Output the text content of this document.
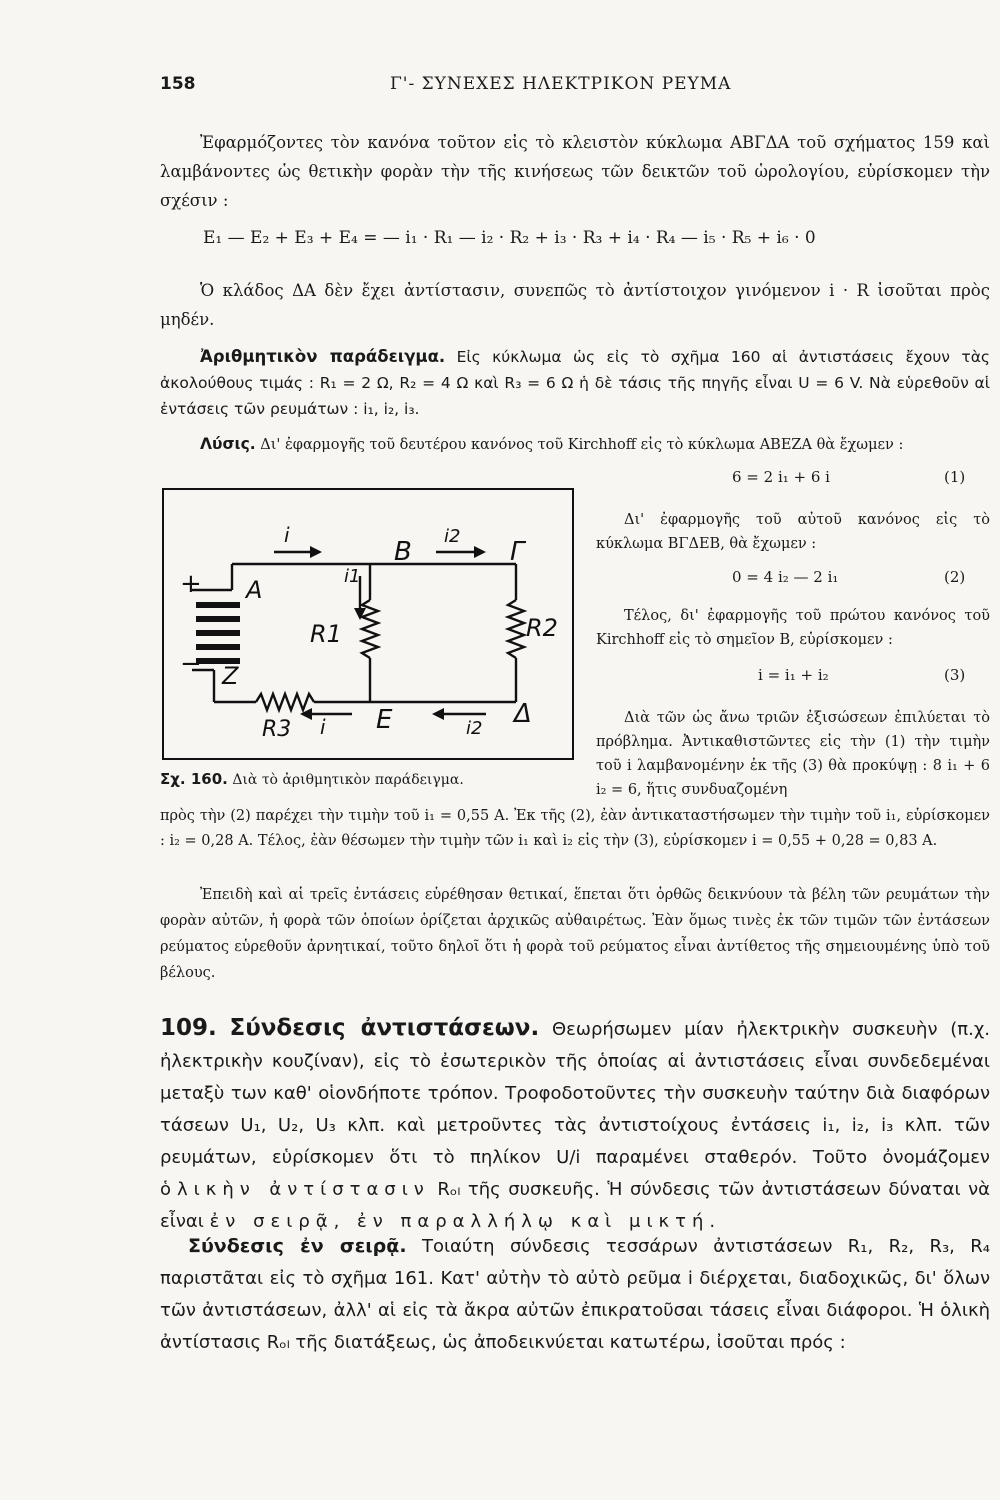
158	Γ'- ΣΥΝΕΧΕΣ ΗΛΕΚΤΡΙΚΟΝ ΡΕΥΜΑ
Ἐφαρμόζοντες τὸν κανόνα τοῦτον εἰς τὸ κλειστὸν κύκλωμα ΑΒΓΔΑ τοῦ σχήματος 159 καὶ λαμβάνοντες ὡς θετικὴν φορὰν τὴν τῆς κινήσεως τῶν δεικτῶν τοῦ ὡρολογίου, εὑρίσκομεν τὴν σχέσιν :
E₁ — E₂ + E₃ + E₄ = — i₁ · R₁ — i₂ · R₂ + i₃ · R₃ + i₄ · R₄ — i₅ · R₅ + i₆ · 0
Ὁ κλάδος ΔΑ δὲν ἔχει ἀντίστασιν, συνεπῶς τὸ ἀντίστοιχον γινόμενον i · R ἰσοῦται πρὸς μηδέν.
Ἀριθμητικὸν παράδειγμα. Εἰς κύκλωμα ὡς εἰς τὸ σχῆμα 160 αἱ ἀντιστάσεις ἔχουν τὰς ἀκολούθους τιμάς : R₁ = 2 Ω, R₂ = 4 Ω καὶ R₃ = 6 Ω ἡ δὲ τάσις τῆς πηγῆς εἶναι U = 6 V. Νὰ εὑρεθοῦν αἱ ἐντάσεις τῶν ρευμάτων : i₁, i₂, i₃.
Λύσις. Δι' ἐφαρμογῆς τοῦ δευτέρου κανόνος τοῦ Kirchhoff εἰς τὸ κύκλωμα ΑΒΕΖΑ θὰ ἔχωμεν :
i
B
i2
Γ
i1
A
+
R1	R2
− Z
R3 i E	i2 Δ
Σχ. 160. Διὰ τὸ ἀριθμητικὸν παράδειγμα.
6 = 2 i₁ + 6 i	(1)
Δι' ἐφαρμογῆς τοῦ αὐτοῦ κανόνος εἰς τὸ κύκλωμα ΒΓΔΕΒ, θὰ ἔχωμεν :
0 = 4 i₂ — 2 i₁	(2)
Τέλος, δι' ἐφαρμογῆς τοῦ πρώτου κανόνος τοῦ Kirchhoff εἰς τὸ σημεῖον Β, εὑρίσκομεν :
i = i₁ + i₂	(3)
Διὰ τῶν ὡς ἄνω τριῶν ἐξισώσεων ἐπιλύεται τὸ πρόβλημα. Ἀντικαθιστῶντες εἰς τὴν (1) τὴν τιμὴν τοῦ i λαμβανομένην ἐκ τῆς (3) θὰ προκύψῃ : 8 i₁ + 6 i₂ = 6, ἥτις συνδυαζομένη
πρὸς τὴν (2) παρέχει τὴν τιμὴν τοῦ i₁ = 0,55 A. Ἐκ τῆς (2), ἐὰν ἀντικαταστήσωμεν τὴν τιμὴν τοῦ i₁, εὑρίσκομεν : i₂ = 0,28 A. Τέλος, ἐὰν θέσωμεν τὴν τιμὴν τῶν i₁ καὶ i₂ εἰς τὴν (3), εὑρίσκομεν i = 0,55 + 0,28 = 0,83 A.
Ἐπειδὴ καὶ αἱ τρεῖς ἐντάσεις εὑρέθησαν θετικαί, ἕπεται ὅτι ὀρθῶς δεικνύουν τὰ βέλη τῶν ρευμάτων τὴν φορὰν αὐτῶν, ἡ φορὰ τῶν ὁποίων ὁρίζεται ἀρχικῶς αὐθαιρέτως. Ἐὰν ὅμως τινὲς ἐκ τῶν τιμῶν τῶν ἐντάσεων ρεύματος εὑρεθοῦν ἀρνητικαί, τοῦτο δηλοῖ ὅτι ἡ φορὰ τοῦ ρεύματος εἶναι ἀντίθετος τῆς σημειουμένης ὑπὸ τοῦ βέλους.
109. Σύνδεσις ἀντιστάσεων. Θεωρήσωμεν μίαν ἠλεκτρικὴν συσκευὴν (π.χ. ἠλεκτρικὴν κουζίναν), εἰς τὸ ἐσωτερικὸν τῆς ὁποίας αἱ ἀντιστάσεις εἶναι συνδεδεμέναι μεταξὺ των καθ' οἱονδήποτε τρόπον. Τροφοδοτοῦντες τὴν συσκευὴν ταύτην διὰ διαφόρων τάσεων U₁, U₂, U₃ κλπ. καὶ μετροῦντες τὰς ἀντιστοίχους ἐντάσεις i₁, i₂, i₃ κλπ. τῶν ρευμάτων, εὑρίσκομεν ὅτι τὸ πηλίκον U/i παραμένει σταθερόν. Τοῦτο ὀνομάζομεν ὁλικὴν ἀντίστασιν Rₒₗ τῆς συσκευῆς. Ἡ σύνδεσις τῶν ἀντιστάσεων δύναται νὰ εἶναι ἐν σειρᾷ, ἐν παραλλήλῳ καὶ μικτή.
Σύνδεσις ἐν σειρᾷ. Τοιαύτη σύνδεσις τεσσάρων ἀντιστάσεων R₁, R₂, R₃, R₄ παριστᾶται εἰς τὸ σχῆμα 161. Κατ' αὐτὴν τὸ αὐτὸ ρεῦμα i διέρχεται, διαδοχικῶς, δι' ὅλων τῶν ἀντιστάσεων, ἀλλ' αἱ εἰς τὰ ἄκρα αὐτῶν ἐπικρατοῦσαι τάσεις εἶναι διάφοροι. Ἡ ὁλικὴ ἀντίστασις Rₒₗ τῆς διατάξεως, ὡς ἀποδεικνύεται κατωτέρω, ἰσοῦται πρός :
